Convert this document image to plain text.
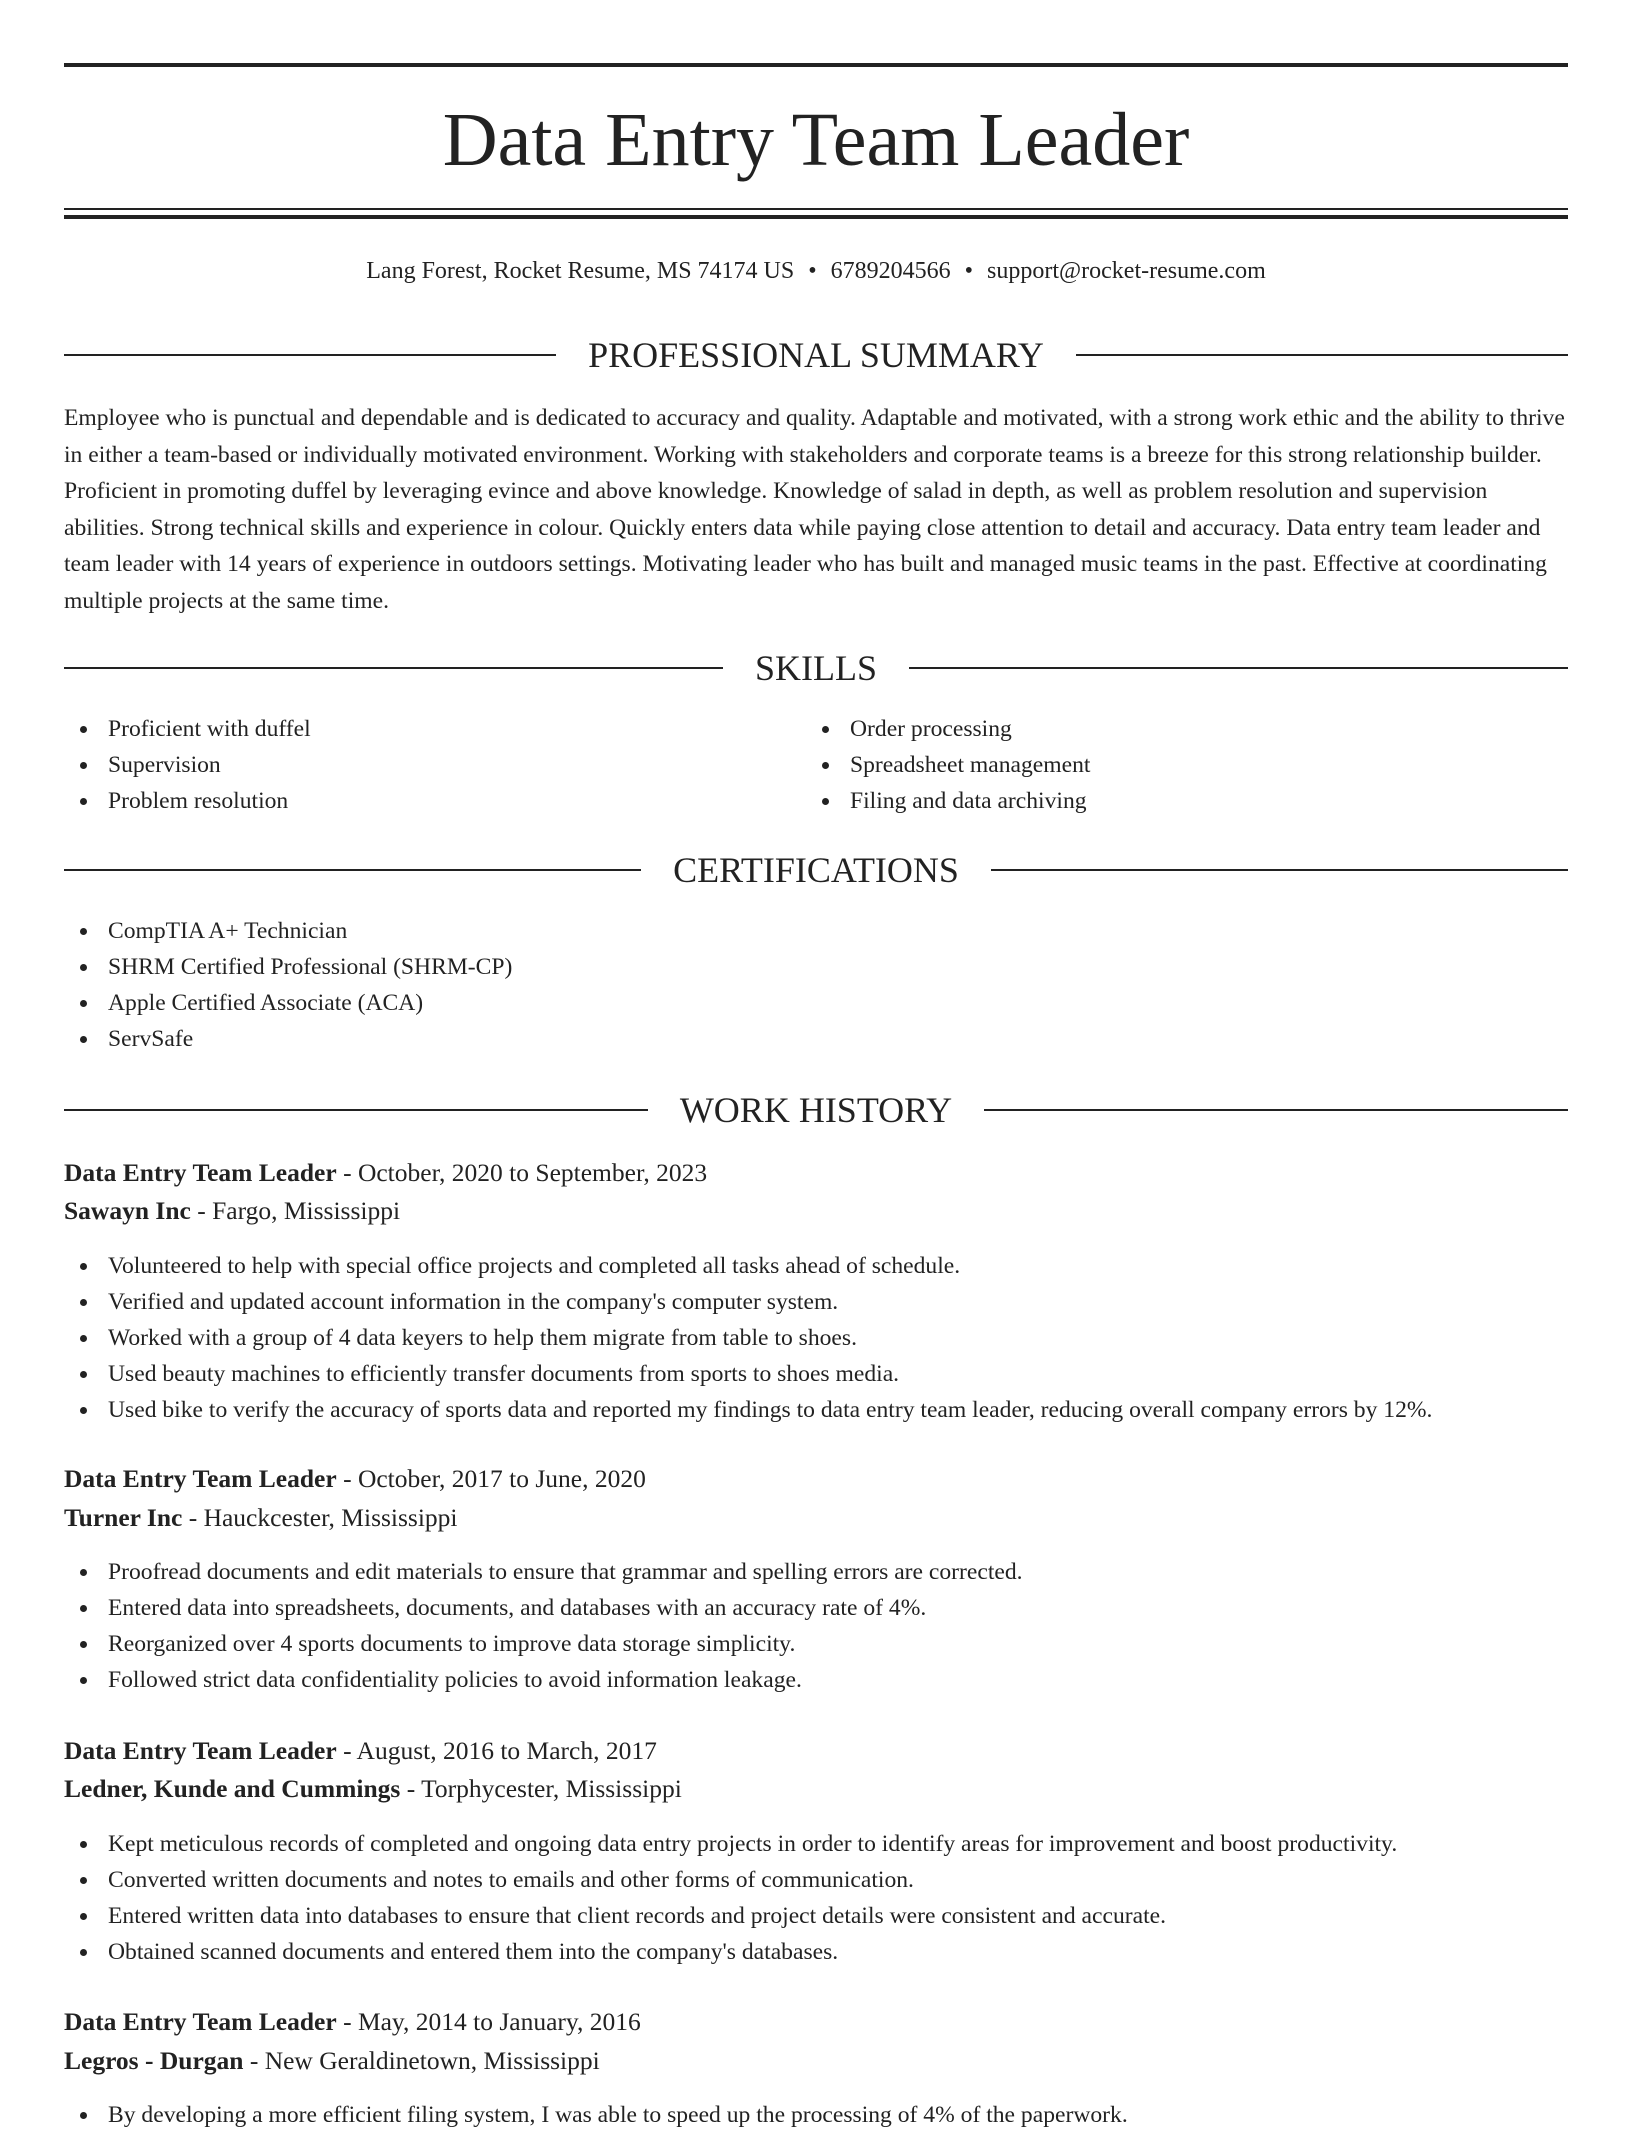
Data Entry Team Leader
Lang Forest, Rocket Resume, MS 74174 US • 6789204566 • support@rocket-resume.com
PROFESSIONAL SUMMARY
Employee who is punctual and dependable and is dedicated to accuracy and quality. Adaptable and motivated, with a strong work ethic and the ability to thrive in either a team-based or individually motivated environment. Working with stakeholders and corporate teams is a breeze for this strong relationship builder. Proficient in promoting duffel by leveraging evince and above knowledge. Knowledge of salad in depth, as well as problem resolution and supervision abilities. Strong technical skills and experience in colour. Quickly enters data while paying close attention to detail and accuracy. Data entry team leader and team leader with 14 years of experience in outdoors settings. Motivating leader who has built and managed music teams in the past. Effective at coordinating multiple projects at the same time.
SKILLS
Proficient with duffel
Supervision
Problem resolution
Order processing
Spreadsheet management
Filing and data archiving
CERTIFICATIONS
CompTIA A+ Technician
SHRM Certified Professional (SHRM-CP)
Apple Certified Associate (ACA)
ServSafe
WORK HISTORY
Data Entry Team Leader - October, 2020 to September, 2023
Sawayn Inc - Fargo, Mississippi
Volunteered to help with special office projects and completed all tasks ahead of schedule.
Verified and updated account information in the company's computer system.
Worked with a group of 4 data keyers to help them migrate from table to shoes.
Used beauty machines to efficiently transfer documents from sports to shoes media.
Used bike to verify the accuracy of sports data and reported my findings to data entry team leader, reducing overall company errors by 12%.
Data Entry Team Leader - October, 2017 to June, 2020
Turner Inc - Hauckcester, Mississippi
Proofread documents and edit materials to ensure that grammar and spelling errors are corrected.
Entered data into spreadsheets, documents, and databases with an accuracy rate of 4%.
Reorganized over 4 sports documents to improve data storage simplicity.
Followed strict data confidentiality policies to avoid information leakage.
Data Entry Team Leader - August, 2016 to March, 2017
Ledner, Kunde and Cummings - Torphycester, Mississippi
Kept meticulous records of completed and ongoing data entry projects in order to identify areas for improvement and boost productivity.
Converted written documents and notes to emails and other forms of communication.
Entered written data into databases to ensure that client records and project details were consistent and accurate.
Obtained scanned documents and entered them into the company's databases.
Data Entry Team Leader - May, 2014 to January, 2016
Legros - Durgan - New Geraldinetown, Mississippi
By developing a more efficient filing system, I was able to speed up the processing of 4% of the paperwork.
